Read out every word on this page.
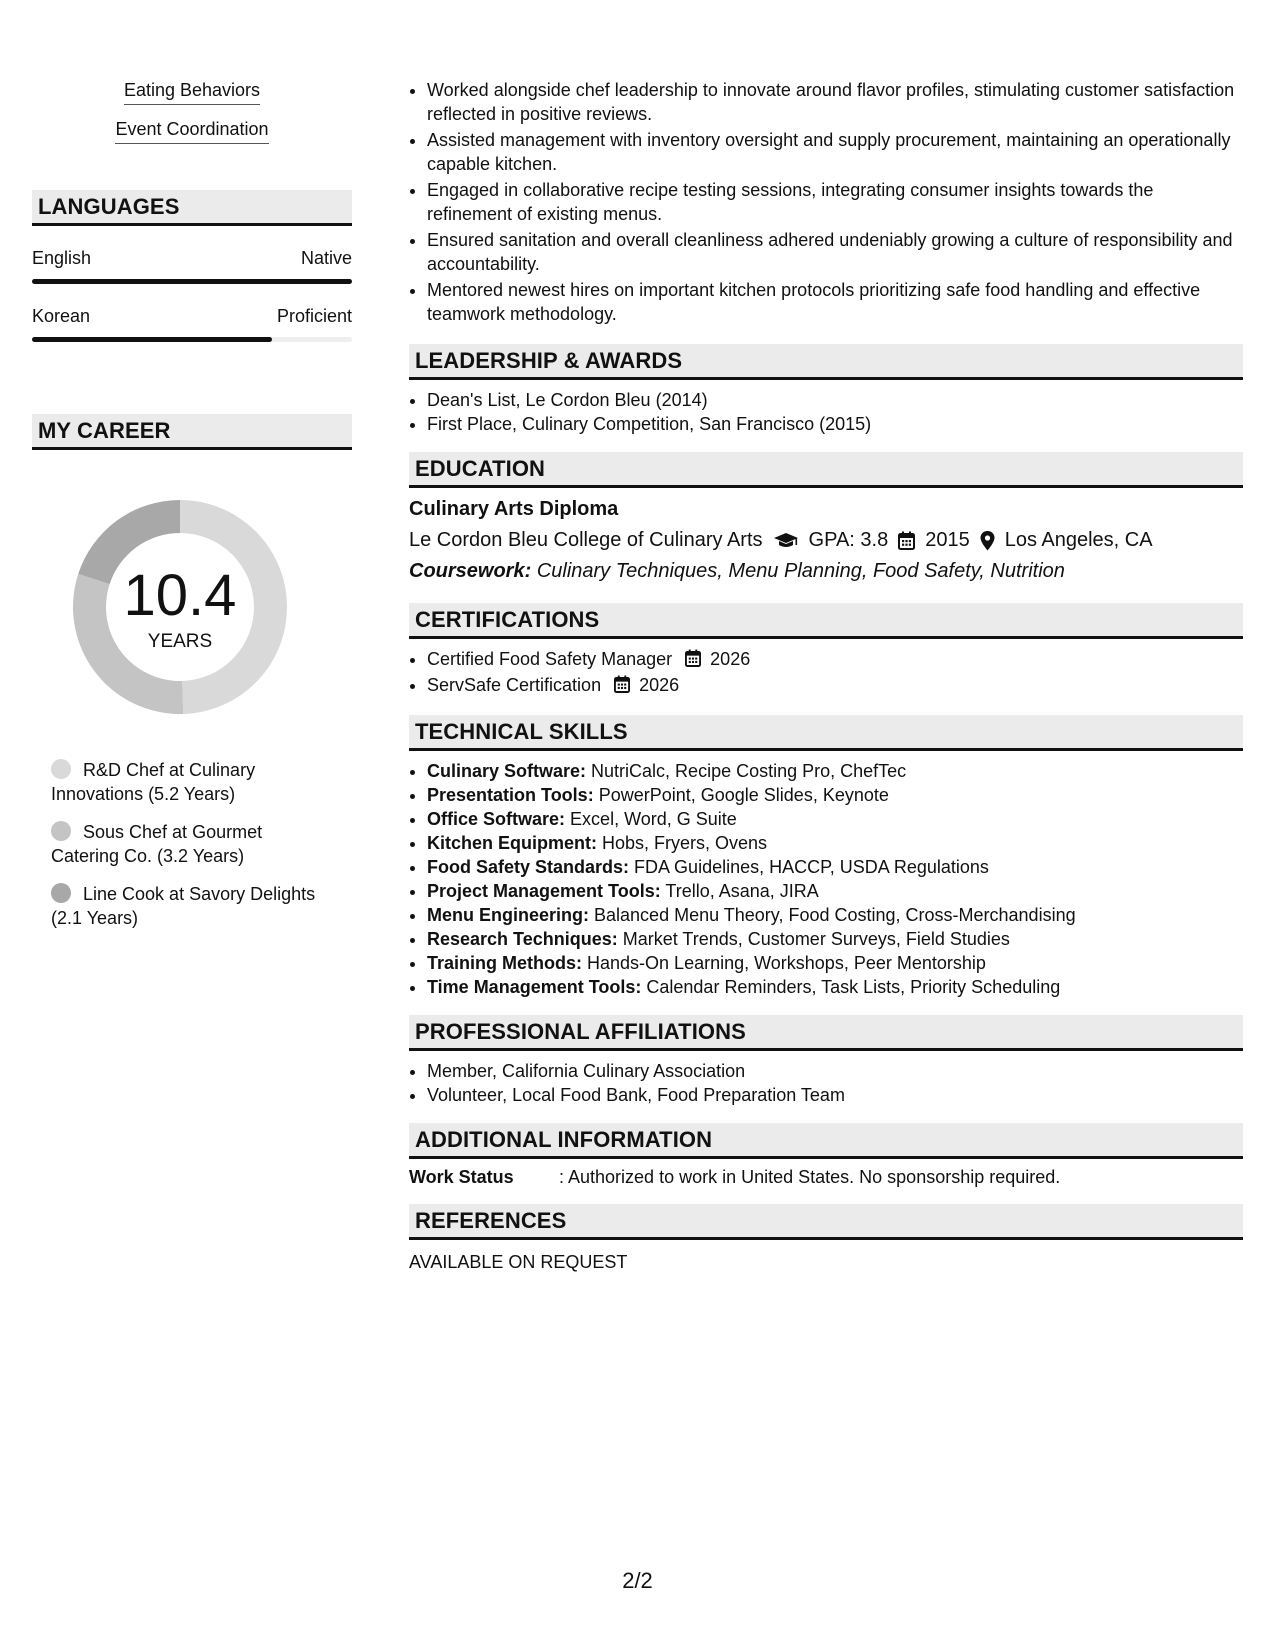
Eating Behaviors
Event Coordination
LANGUAGES
English	Native
Korean	Proficient
MY CAREER
10.4
YEARS
R&D Chef at Culinary Innovations (5.2 Years)
Sous Chef at Gourmet Catering Co. (3.2 Years)
Line Cook at Savory Delights (2.1 Years)
• Worked alongside chef leadership to innovate around flavor profiles, stimulating customer satisfaction reflected in positive reviews.
• Assisted management with inventory oversight and supply procurement, maintaining an operationally capable kitchen.
• Engaged in collaborative recipe testing sessions, integrating consumer insights towards the refinement of existing menus.
• Ensured sanitation and overall cleanliness adhered undeniably growing a culture of responsibility and accountability.
• Mentored newest hires on important kitchen protocols prioritizing safe food handling and effective teamwork methodology.
LEADERSHIP & AWARDS
• Dean's List, Le Cordon Bleu (2014)
• First Place, Culinary Competition, San Francisco (2015)
EDUCATION
Culinary Arts Diploma
Le Cordon Bleu College of Culinary Arts GPA: 3.8 2015 Los Angeles, CA
Coursework: Culinary Techniques, Menu Planning, Food Safety, Nutrition
CERTIFICATIONS
• Certified Food Safety Manager 2026
• ServSafe Certification 2026
TECHNICAL SKILLS
• Culinary Software: NutriCalc, Recipe Costing Pro, ChefTec
• Presentation Tools: PowerPoint, Google Slides, Keynote
• Office Software: Excel, Word, G Suite
• Kitchen Equipment: Hobs, Fryers, Ovens
• Food Safety Standards: FDA Guidelines, HACCP, USDA Regulations
• Project Management Tools: Trello, Asana, JIRA
• Menu Engineering: Balanced Menu Theory, Food Costing, Cross-Merchandising
• Research Techniques: Market Trends, Customer Surveys, Field Studies
• Training Methods: Hands-On Learning, Workshops, Peer Mentorship
• Time Management Tools: Calendar Reminders, Task Lists, Priority Scheduling
PROFESSIONAL AFFILIATIONS
• Member, California Culinary Association
• Volunteer, Local Food Bank, Food Preparation Team
ADDITIONAL INFORMATION
Work Status	: Authorized to work in United States. No sponsorship required.
REFERENCES
AVAILABLE ON REQUEST
2/2
